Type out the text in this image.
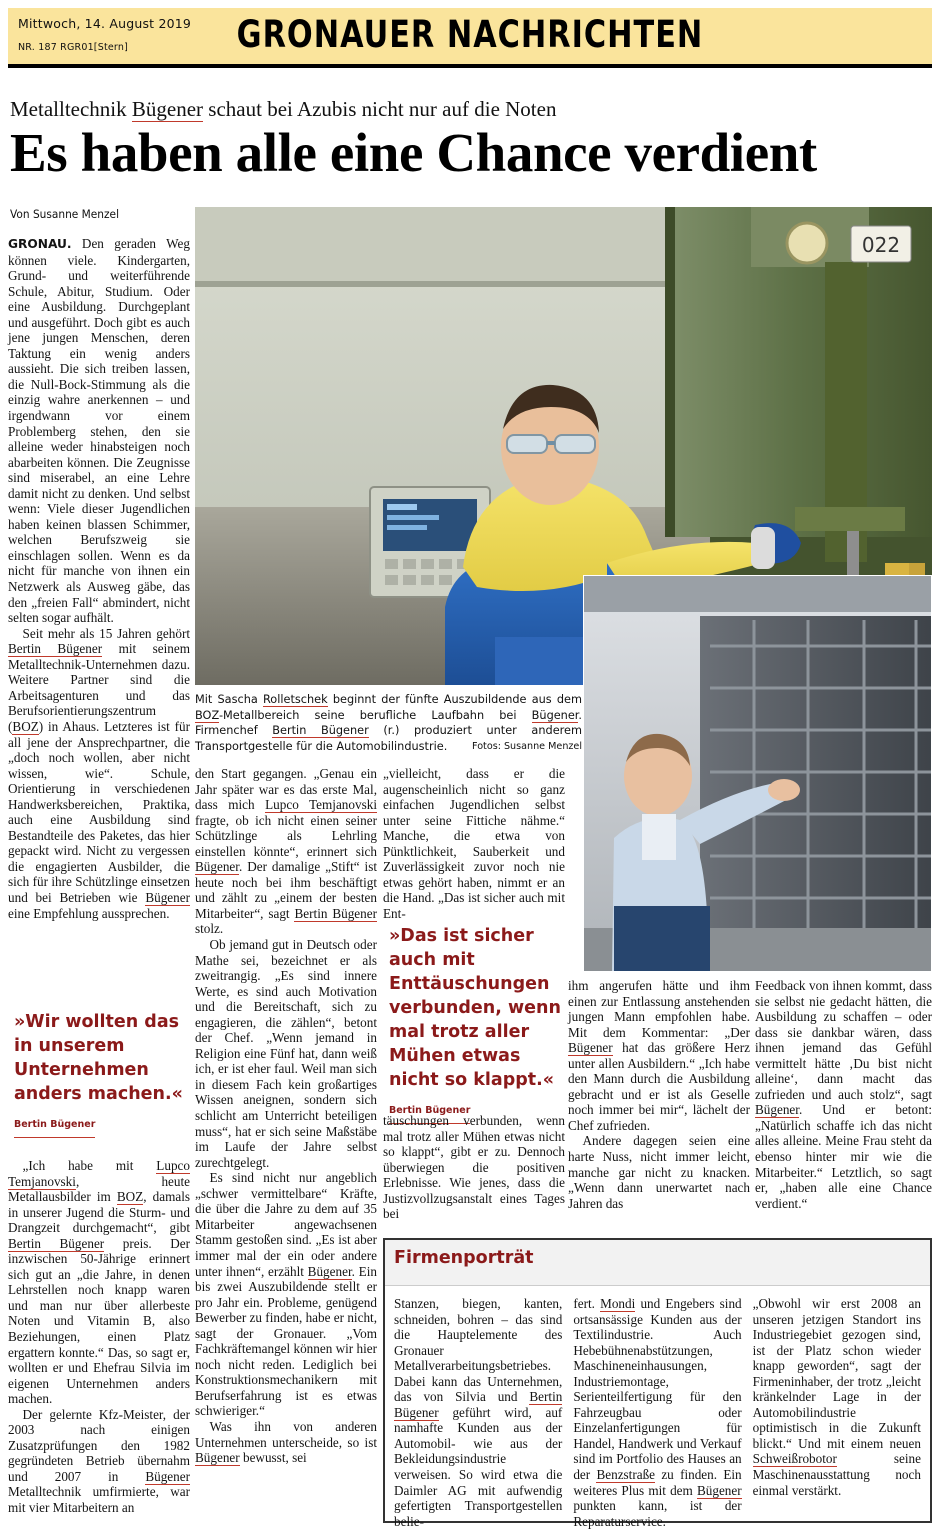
Mittwoch, 14. August 2019
NR. 187 RGR01[Stern]	GRONAUER NACHRICHTEN
Metalltechnik Bügener schaut bei Azubis nicht nur auf die Noten
Es haben alle eine Chance verdient
Von Susanne Menzel
022
Mit Sascha Rolletschek beginnt der fünfte Auszubildende aus dem BOZ-Metallbereich seine berufliche Laufbahn bei Bügener. Firmenchef Bertin Bügener (r.) produziert unter anderem Transportgestelle für die Automobilindustrie.	Fotos: Susanne Menzel

GRONAU. Den geraden Weg können viele. Kindergarten, Grund- und weiterführende Schule, Abitur, Studium. Oder eine Ausbildung. Durchgeplant und ausgeführt. Doch gibt es auch jene jungen Menschen, deren Taktung ein wenig anders aussieht. Die sich treiben lassen, die Null-Bock-Stimmung als die einzig wahre anerkennen – und irgendwann vor einem Problemberg stehen, den sie alleine weder hinabsteigen noch abarbeiten können. Die Zeugnisse sind miserabel, an eine Lehre damit nicht zu denken. Und selbst wenn: Viele dieser Jugendlichen haben keinen blassen Schimmer, welchen Berufszweig sie einschlagen sollen. Wenn es da nicht für manche von ihnen ein Netzwerk als Ausweg gäbe, das den „freien Fall“ abmindert, nicht selten sogar aufhält.

Seit mehr als 15 Jahren gehört Bertin Bügener mit seinem Metalltechnik-Unternehmen dazu. Weitere Partner sind die Arbeitsagenturen und das Berufsorientierungszentrum (BOZ) in Ahaus. Letzteres ist für all jene der Ansprechpartner, die „doch noch wollen, aber nicht wissen, wie“. Schule, Orientierung in verschiedenen Handwerksbereichen, Praktika, auch eine Ausbildung sind Bestandteile des Paketes, das hier gepackt wird. Nicht zu vergessen die engagierten Ausbilder, die sich für ihre Schützlinge einsetzen und bei Betrieben wie Bügener eine Empfehlung aussprechen.

»Wir wollten das in unserem Unternehmen anders machen.«
Bertin Bügener

„Ich habe mit Lupco Temjanovski, heute Metallausbilder im BOZ, damals in unserer Jugend die Sturm- und Drangzeit durchgemacht“, gibt Bertin Bügener preis. Der inzwischen 50-Jährige erinnert sich gut an „die Jahre, in denen Lehrstellen noch knapp waren und man nur über allerbeste Noten und Vitamin B, also Beziehungen, einen Platz ergattern konnte.“ Das, so sagt er, wollten er und Ehefrau Silvia im eigenen Unternehmen anders machen.

Der gelernte Kfz-Meister, der 2003 nach einigen Zusatzprüfungen den 1982 gegründeten Betrieb übernahm und 2007 in Bügener Metalltechnik umfirmierte, war mit vier Mitarbeitern an

den Start gegangen. „Genau ein Jahr später war es das erste Mal, dass mich Lupco Temjanovski fragte, ob ich nicht einen seiner Schützlinge als Lehrling einstellen könnte“, erinnert sich Bügener. Der damalige „Stift“ ist heute noch bei ihm beschäftigt und zählt zu „einem der besten Mitarbeiter“, sagt Bertin Bügener stolz.

Ob jemand gut in Deutsch oder Mathe sei, bezeichnet er als zweitrangig. „Es sind innere Werte, es sind auch Motivation und die Bereitschaft, sich zu engagieren, die zählen“, betont der Chef. „Wenn jemand in Religion eine Fünf hat, dann weiß ich, er ist eher faul. Weil man sich in diesem Fach kein großartiges Wissen aneignen, sondern sich schlicht am Unterricht beteiligen muss“, hat er sich seine Maßstäbe im Laufe der Jahre selbst zurechtgelegt.

Es sind nicht nur angeblich „schwer vermittelbare“ Kräfte, die über die Jahre zu dem auf 35 Mitarbeiter angewachsenen Stamm gestoßen sind. „Es ist aber immer mal der ein oder andere unter ihnen“, erzählt Bügener. Ein bis zwei Auszubildende stellt er pro Jahr ein. Probleme, genügend Bewerber zu finden, habe er nicht, sagt der Gronauer. „Vom Fachkräftemangel können wir hier noch nicht reden. Lediglich bei Konstruktionsmechanikern mit Berufserfahrung ist es etwas schwieriger.“

Was ihn von anderen Unternehmen unterscheide, so ist Bügener bewusst, sei

„vielleicht, dass er die augenscheinlich nicht so ganz einfachen Jugendlichen selbst unter seine Fittiche nähme.“ Manche, die etwa von Pünktlichkeit, Sauberkeit und Zuverlässigkeit zuvor noch nie etwas gehört haben, nimmt er an die Hand. „Das ist sicher auch mit Ent-

»Das ist sicher auch mit Enttäuschungen verbunden, wenn mal trotz aller Mühen etwas nicht so klappt.«
Bertin Bügener

täuschungen verbunden, wenn mal trotz aller Mühen etwas nicht so klappt“, gibt er zu. Dennoch überwiegen die positiven Erlebnisse. Wie jenes, dass die Justizvollzugsanstalt eines Tages bei

ihm angerufen hätte und ihm einen zur Entlassung anstehenden jungen Mann empfohlen habe. Mit dem Kommentar: „Der Bügener hat das größere Herz unter allen Ausbildern.“ „Ich habe den Mann durch die Ausbildung gebracht und er ist als Geselle noch immer bei mir“, lächelt der Chef zufrieden.

Andere dagegen seien eine harte Nuss, nicht immer leicht, manche gar nicht zu knacken. „Wenn dann unerwartet nach Jahren das

Feedback von ihnen kommt, dass sie selbst nie gedacht hätten, die Ausbildung zu schaffen – oder dass sie dankbar wären, dass ihnen jemand das Gefühl vermittelt hätte ‚Du bist nicht alleine‘, dann macht das zufrieden und auch stolz“, sagt Bügener. Und er betont: „Natürlich schaffe ich das nicht alles alleine. Meine Frau steht da ebenso hinter mir wie die Mitarbeiter.“ Letztlich, so sagt er, „haben alle eine Chance verdient.“

Firmenporträt

Stanzen, biegen, kanten, schneiden, bohren – das sind die Hauptelemente des Gronauer Metallverarbeitungsbetriebes. Dabei kann das Unternehmen, das von Silvia und Bertin Bügener geführt wird, auf namhafte Kunden aus der Automobil- wie aus der Bekleidungsindustrie verweisen. So wird etwa die Daimler AG mit aufwendig gefertigten Transportgestellen belie-

fert. Mondi und Engebers sind ortsansässige Kunden aus der Textilindustrie. Auch Hebebühnenabstützungen, Maschineneinhausungen, Industriemontage, Serienteilfertigung für den Fahrzeugbau oder Einzelanfertigungen für Handel, Handwerk und Verkauf sind im Portfolio des Hauses an der Benzstraße zu finden. Ein weiteres Plus mit dem Bügener punkten kann, ist der Reparaturservice.

„Obwohl wir erst 2008 an unseren jetzigen Standort ins Industriegebiet gezogen sind, ist der Platz schon wieder knapp geworden“, sagt der Firmeninhaber, der trotz „leicht kränkelnder Lage in der Automobilindustrie optimistisch in die Zukunft blickt.“ Und mit einem neuen Schweißrobotor seine Maschinenausstattung noch einmal verstärkt.
